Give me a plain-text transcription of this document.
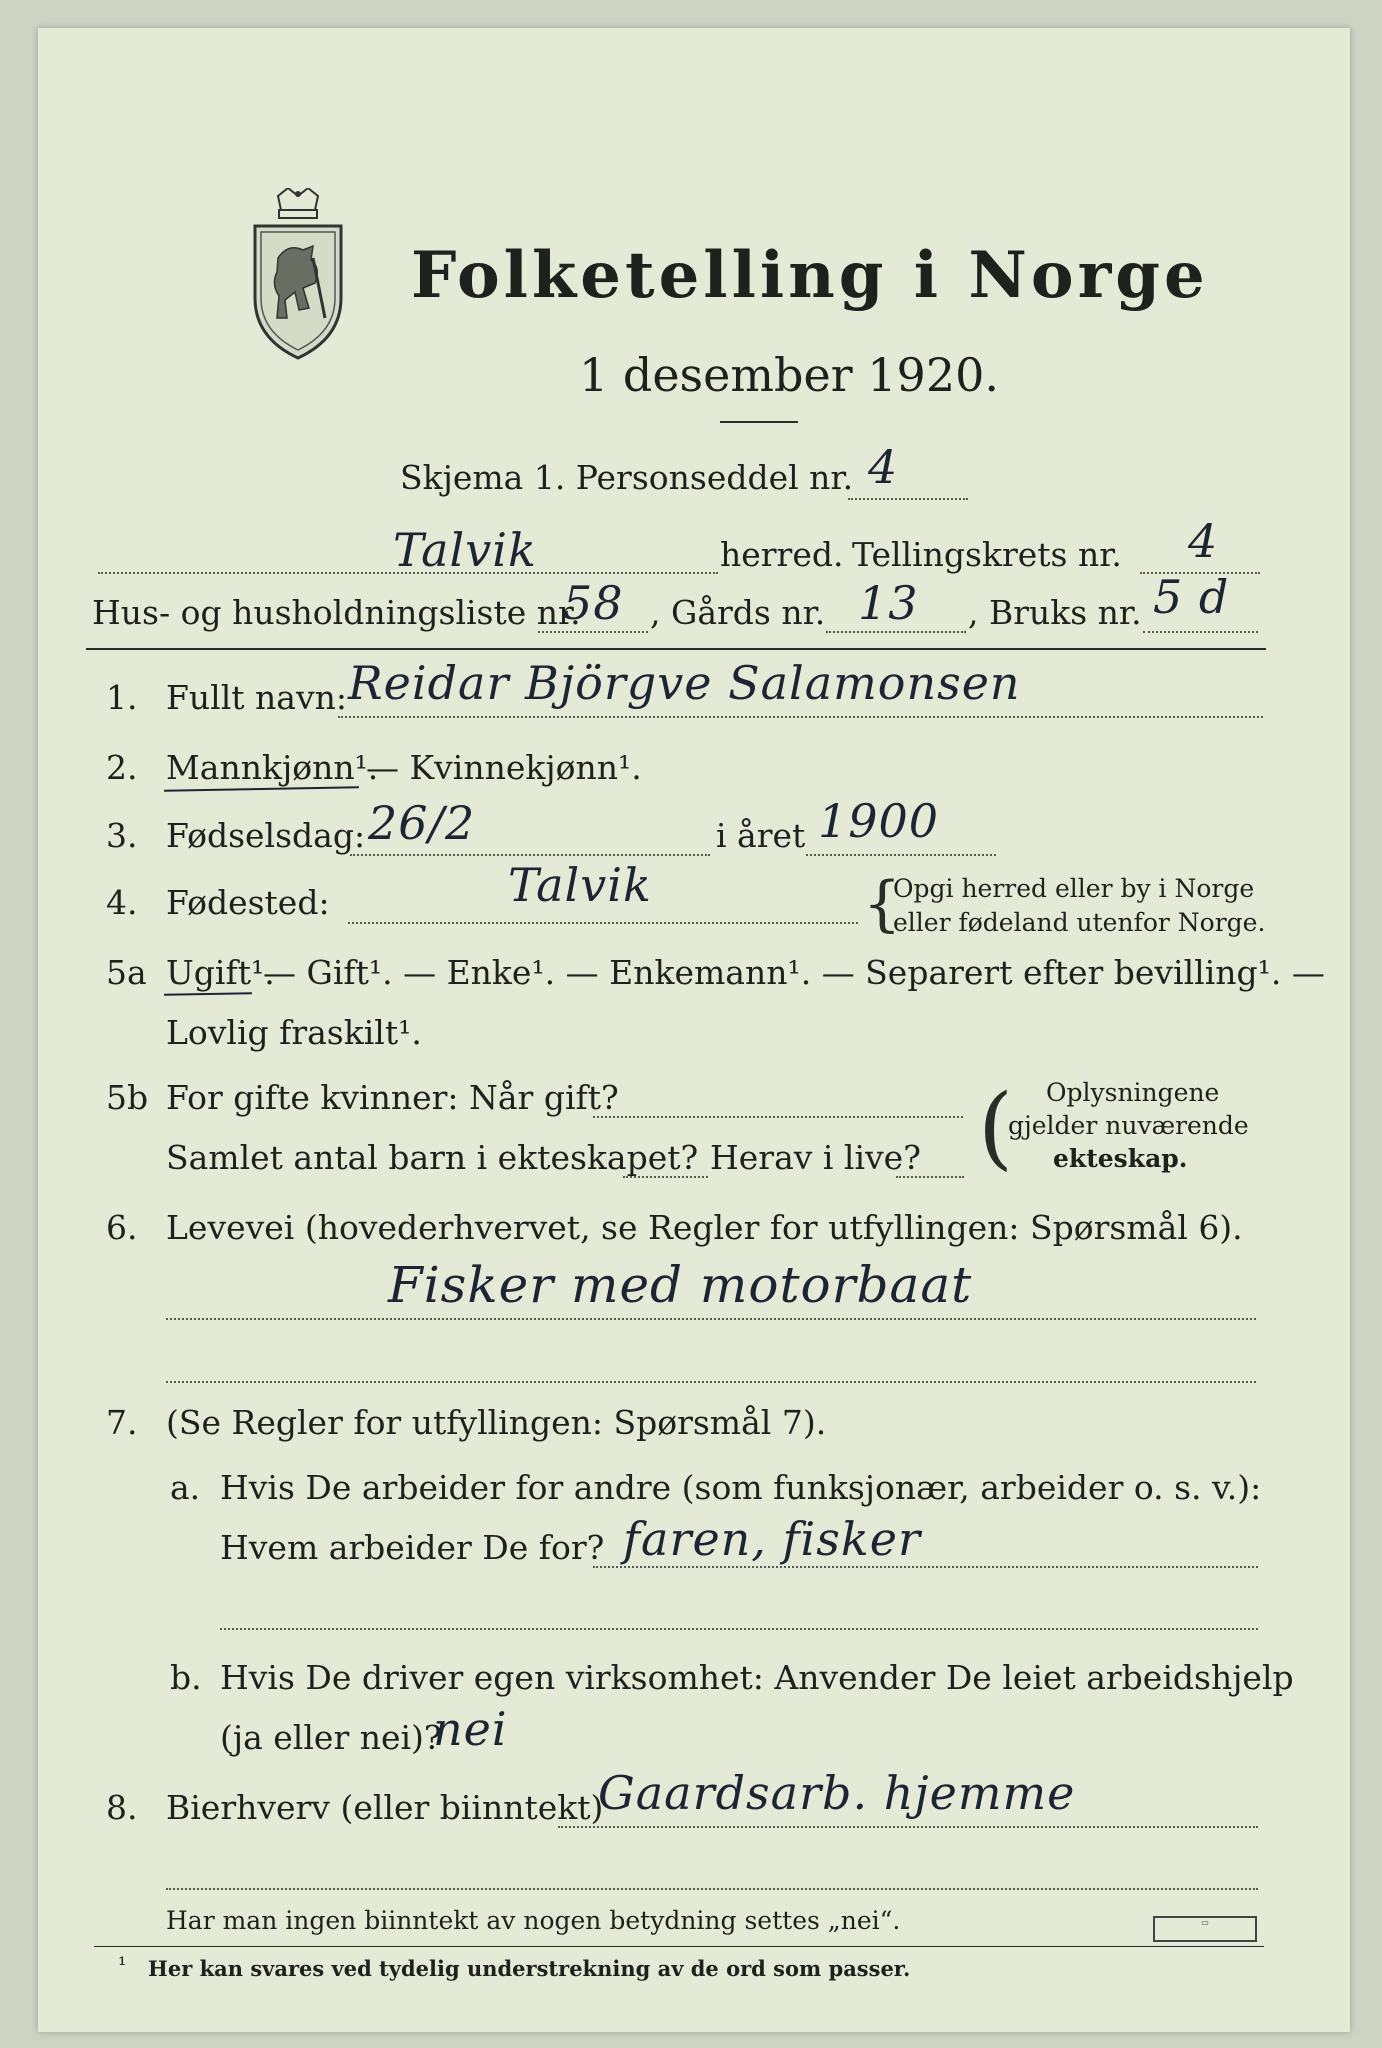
Folketelling i Norge
1 desember 1920.
Skjema 1. Personseddel nr. 4
Talvik	herred. Tellingskrets nr. 4
Hus- og husholdningsliste nr.
58 , Gårds nr. 13 , Bruks nr. 5 d
1. Fullt navn: Reidar Björgve Salamonsen
2. Mannkjønn¹.
— Kvinnekjønn¹.
3. Fødselsdag: 26/2	i året 1900
4. Fødested:	Talvik	{
Opgi herred eller by i Norge
eller fødeland utenfor Norge.
5a Ugift¹.
— Gift¹. — Enke¹. — Enkemann¹. — Separert efter bevilling¹. —
Lovlig fraskilt¹.
5b For gifte kvinner: Når gift?
Samlet antal barn i ekteskapet? Herav i live? ( Oplysningene
gjelder nuværende
ekteskap.
6. Levevei (hovederhvervet, se Regler for utfyllingen: Spørsmål 6).
Fisker med motorbaat
7. (Se Regler for utfyllingen: Spørsmål 7).
a. Hvis De arbeider for andre (som funksjonær, arbeider o. s. v.):
Hvem arbeider De for? faren, fisker
b. Hvis De driver egen virksomhet: Anvender De leiet arbeidshjelp
(ja eller nei)?
nei
8. Bierhverv (eller biinntekt)
Gaardsarb. hjemme
Har man ingen biinntekt av nogen betydning settes „nei“.
¹ Her kan svares ved tydelig understrekning av de ord som passer.
▭
